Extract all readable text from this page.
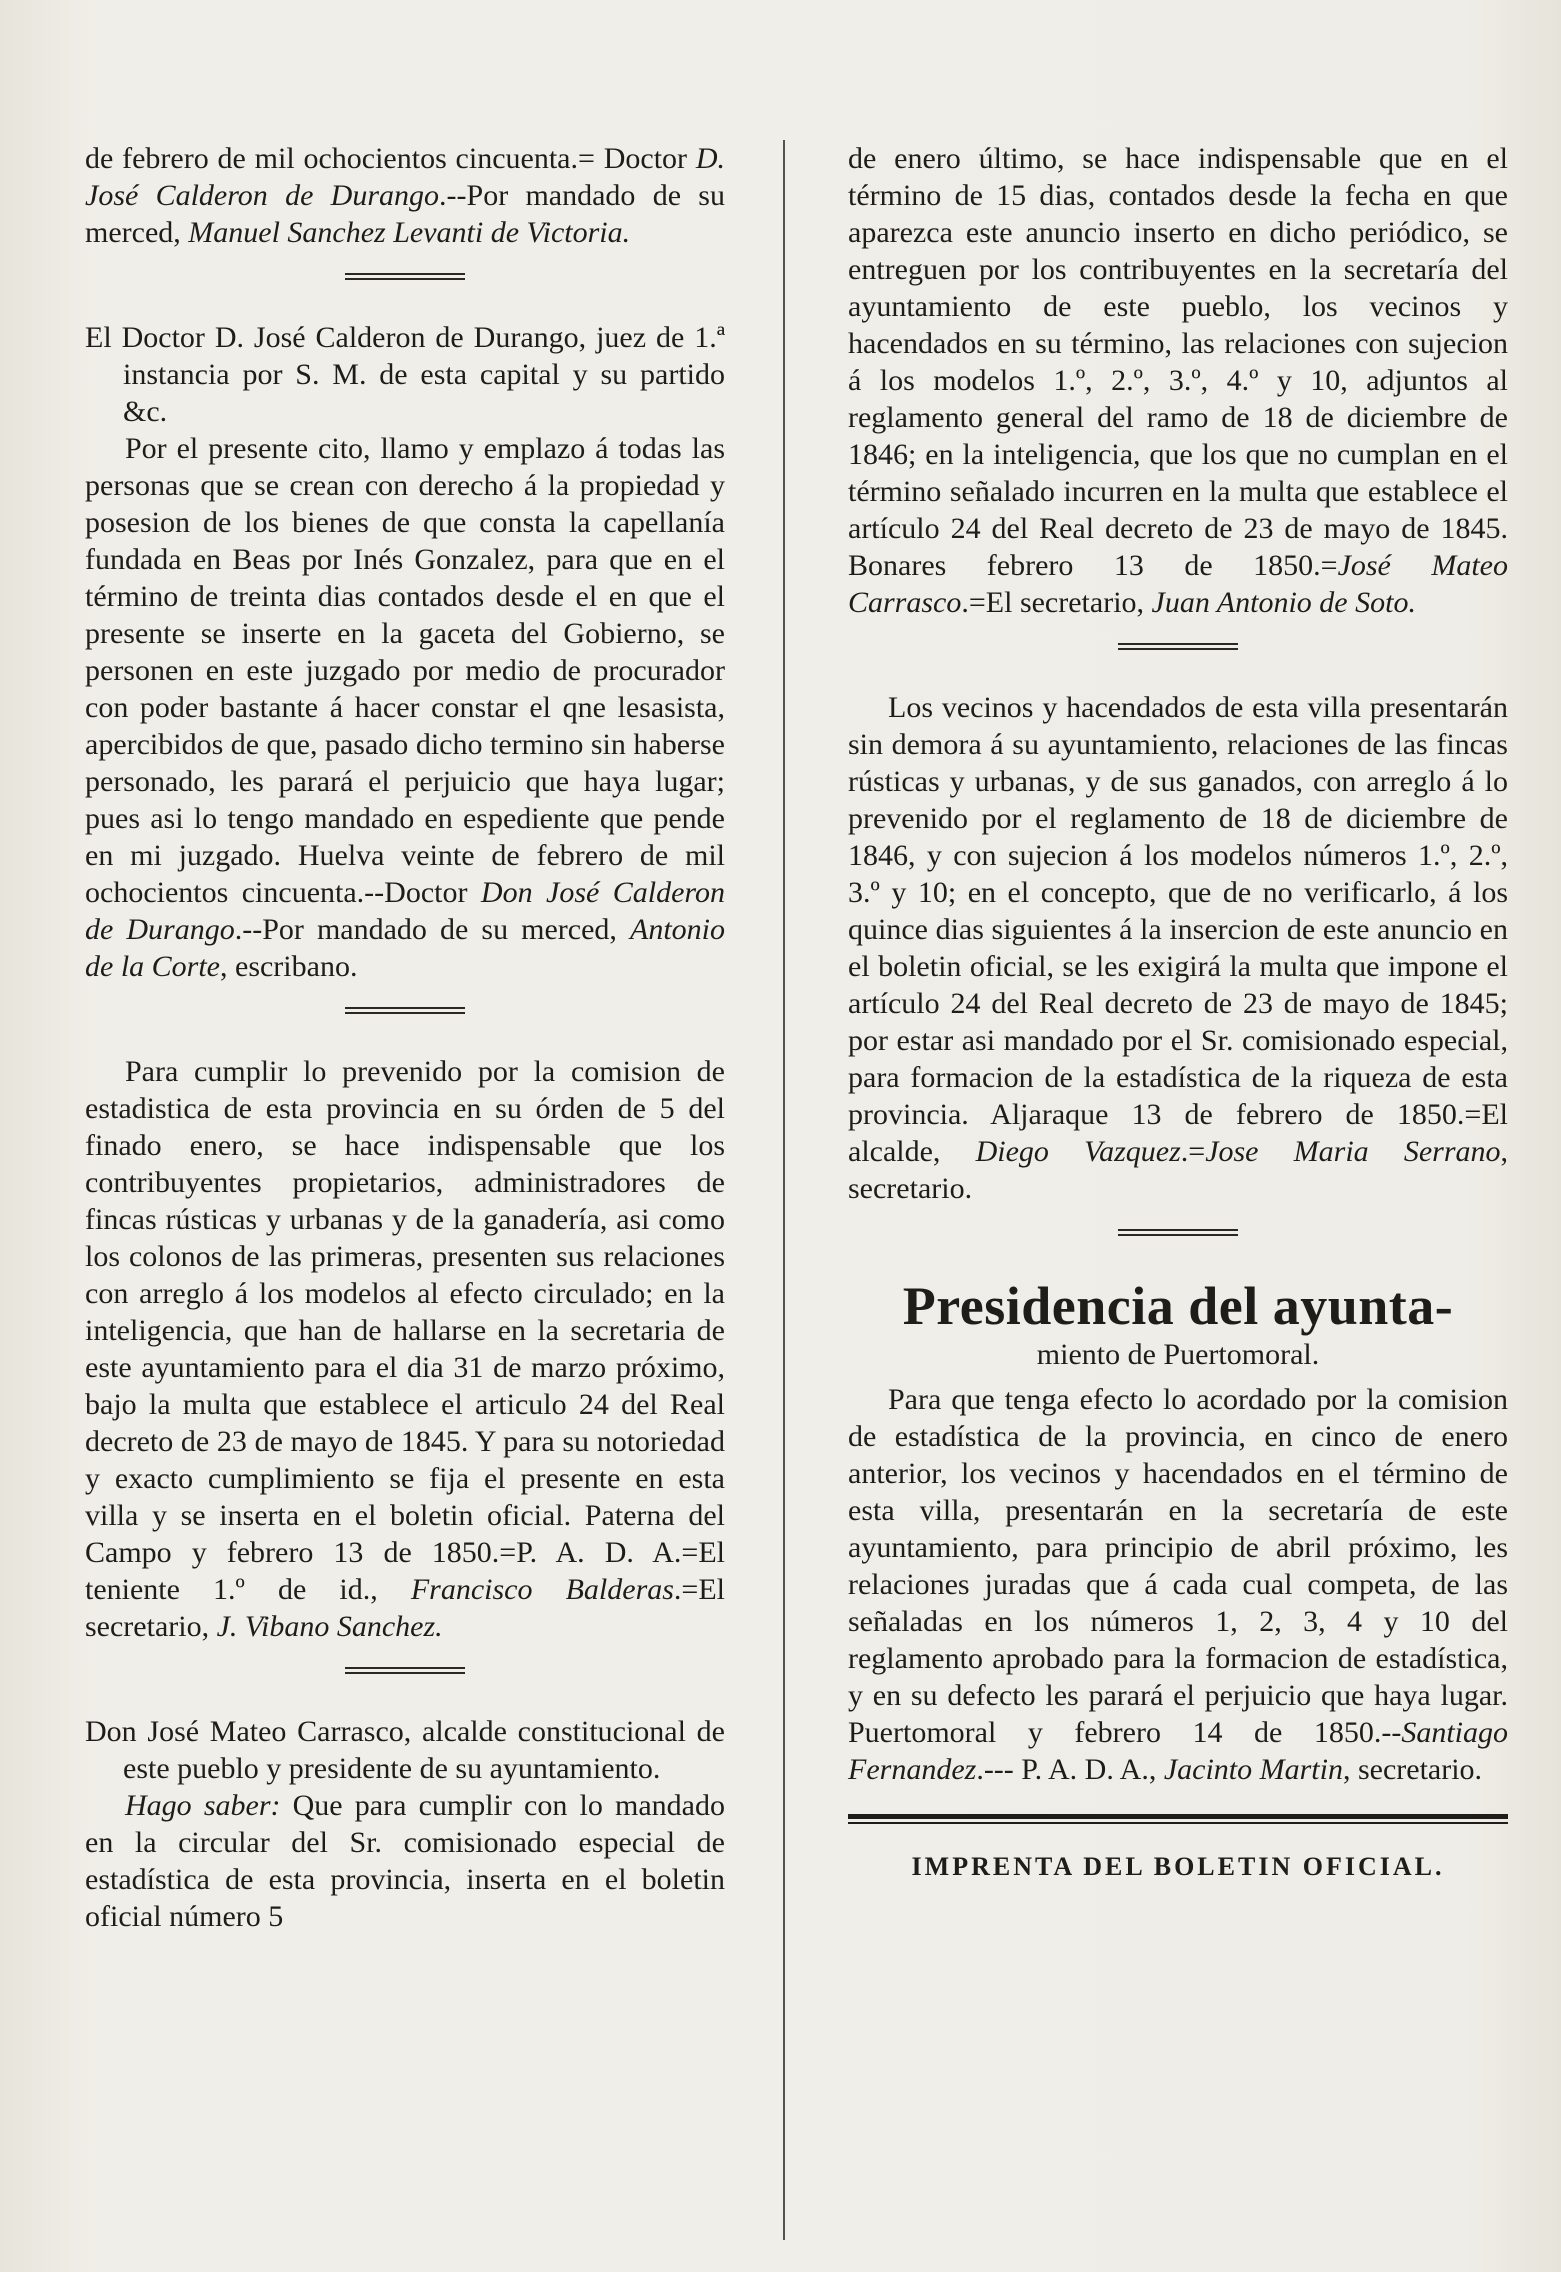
de febrero de mil ochocientos cincuenta.= Doctor D. José Calderon de Durango.--Por mandado de su merced, Manuel Sanchez Levanti de Victoria.

El Doctor D. José Calderon de Durango, juez de 1.ª instancia por S. M. de esta capital y su partido &c.

Por el presente cito, llamo y emplazo á todas las personas que se crean con derecho á la propiedad y posesion de los bienes de que consta la capellanía fundada en Beas por Inés Gonzalez, para que en el término de treinta dias contados desde el en que el presente se inserte en la gaceta del Gobierno, se personen en este juzgado por medio de procurador con poder bastante á hacer constar el qne lesasista, apercibidos de que, pasado dicho termino sin haberse personado, les parará el perjuicio que haya lugar; pues asi lo tengo mandado en espediente que pende en mi juzgado. Huelva veinte de febrero de mil ochocientos cincuenta.--Doctor Don José Calderon de Durango.--Por mandado de su merced, Antonio de la Corte, escribano.

Para cumplir lo prevenido por la comision de estadistica de esta provincia en su órden de 5 del finado enero, se hace indispensable que los contribuyentes propietarios, administradores de fincas rústicas y urbanas y de la ganadería, asi como los colonos de las primeras, presenten sus relaciones con arreglo á los modelos al efecto circulado; en la inteligencia, que han de hallarse en la secretaria de este ayuntamiento para el dia 31 de marzo próximo, bajo la multa que establece el articulo 24 del Real decreto de 23 de mayo de 1845. Y para su notoriedad y exacto cumplimiento se fija el presente en esta villa y se inserta en el boletin oficial. Paterna del Campo y febrero 13 de 1850.=P. A. D. A.=El teniente 1.º de id., Francisco Balderas.=El secretario, J. Vibano Sanchez.

Don José Mateo Carrasco, alcalde constitucional de este pueblo y presidente de su ayuntamiento.

Hago saber: Que para cumplir con lo mandado en la circular del Sr. comisionado especial de estadística de esta provincia, inserta en el boletin oficial número 5

de enero último, se hace indispensable que en el término de 15 dias, contados desde la fecha en que aparezca este anuncio inserto en dicho periódico, se entreguen por los contribuyentes en la secretaría del ayuntamiento de este pueblo, los vecinos y hacendados en su término, las relaciones con sujecion á los modelos 1.º, 2.º, 3.º, 4.º y 10, adjuntos al reglamento general del ramo de 18 de diciembre de 1846; en la inteligencia, que los que no cumplan en el término señalado incurren en la multa que establece el artículo 24 del Real decreto de 23 de mayo de 1845. Bonares febrero 13 de 1850.=José Mateo Carrasco.=El secretario, Juan Antonio de Soto.

Los vecinos y hacendados de esta villa presentarán sin demora á su ayuntamiento, relaciones de las fincas rústicas y urbanas, y de sus ganados, con arreglo á lo prevenido por el reglamento de 18 de diciembre de 1846, y con sujecion á los modelos números 1.º, 2.º, 3.º y 10; en el concepto, que de no verificarlo, á los quince dias siguientes á la insercion de este anuncio en el boletin oficial, se les exigirá la multa que impone el artículo 24 del Real decreto de 23 de mayo de 1845; por estar asi mandado por el Sr. comisionado especial, para formacion de la estadística de la riqueza de esta provincia. Aljaraque 13 de febrero de 1850.=El alcalde, Diego Vazquez.=Jose Maria Serrano, secretario.

Presidencia del ayunta-
miento de Puertomoral.

Para que tenga efecto lo acordado por la comision de estadística de la provincia, en cinco de enero anterior, los vecinos y hacendados en el término de esta villa, presentarán en la secretaría de este ayuntamiento, para principio de abril próximo, les relaciones juradas que á cada cual competa, de las señaladas en los números 1, 2, 3, 4 y 10 del reglamento aprobado para la formacion de estadística, y en su defecto les parará el perjuicio que haya lugar. Puertomoral y febrero 14 de 1850.--Santiago Fernandez.--- P. A. D. A., Jacinto Martin, secretario.

IMPRENTA DEL BOLETIN OFICIAL.
